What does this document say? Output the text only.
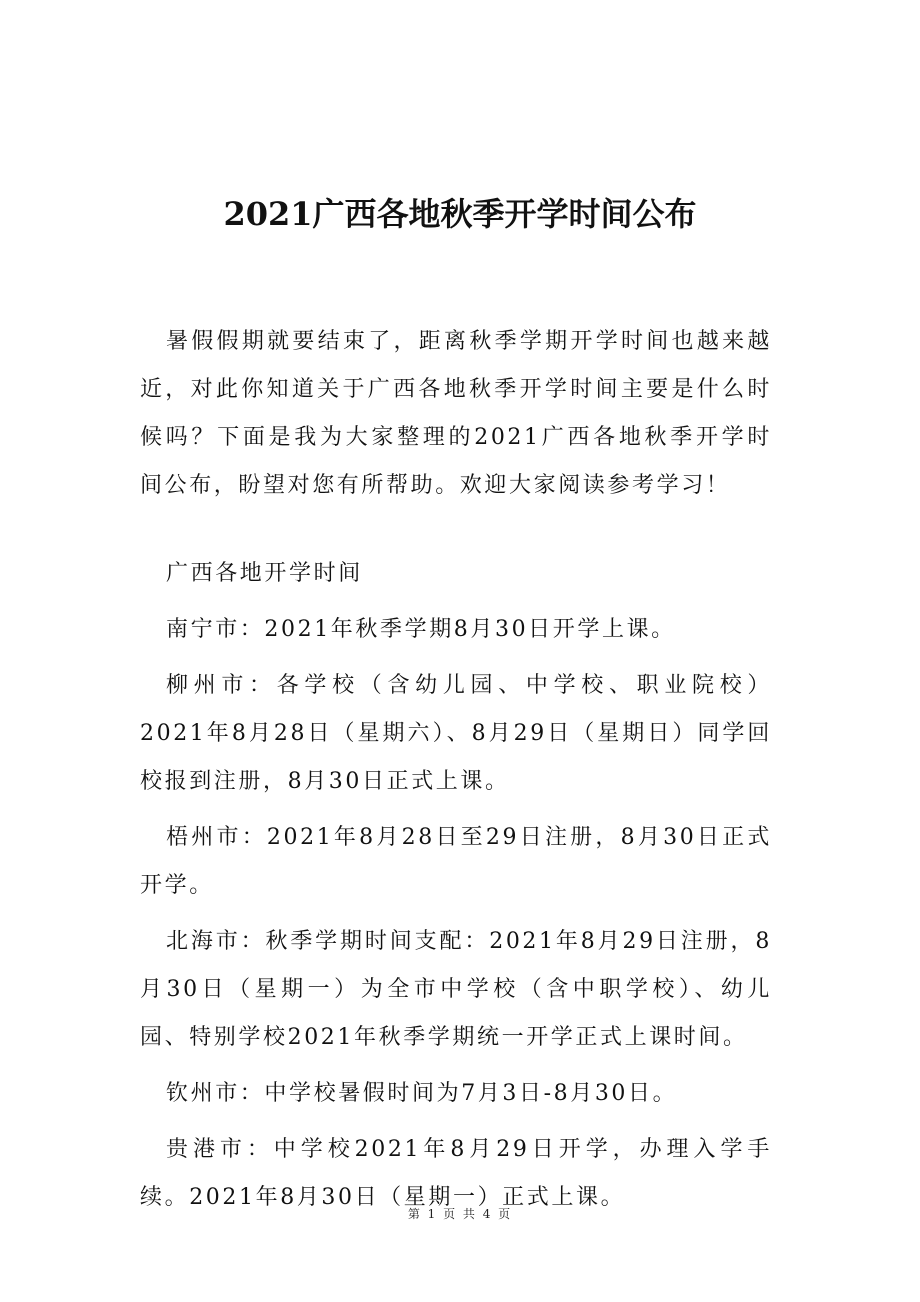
2021广西各地秋季开学时间公布

暑假假期就要结束了，距离秋季学期开学时间也越来越近，对此你知道关于广西各地秋季开学时间主要是什么时候吗？下面是我为大家整理的2021广西各地秋季开学时间公布，盼望对您有所帮助。欢迎大家阅读参考学习！

广西各地开学时间

南宁市：2021年秋季学期8月30日开学上课。

柳州市：各学校（含幼儿园、中学校、职业院校）2021年8月28日（星期六）、8月29日（星期日）同学回校报到注册，8月30日正式上课。

梧州市：2021年8月28日至29日注册，8月30日正式开学。

北海市：秋季学期时间支配：2021年8月29日注册，8月30日（星期一）为全市中学校（含中职学校）、幼儿园、特别学校2021年秋季学期统一开学正式上课时间。

钦州市：中学校暑假时间为7月3日-8月30日。

贵港市：中学校2021年8月29日开学，办理入学手续。2021年8月30日（星期一）正式上课。

第 1 页 共 4 页
